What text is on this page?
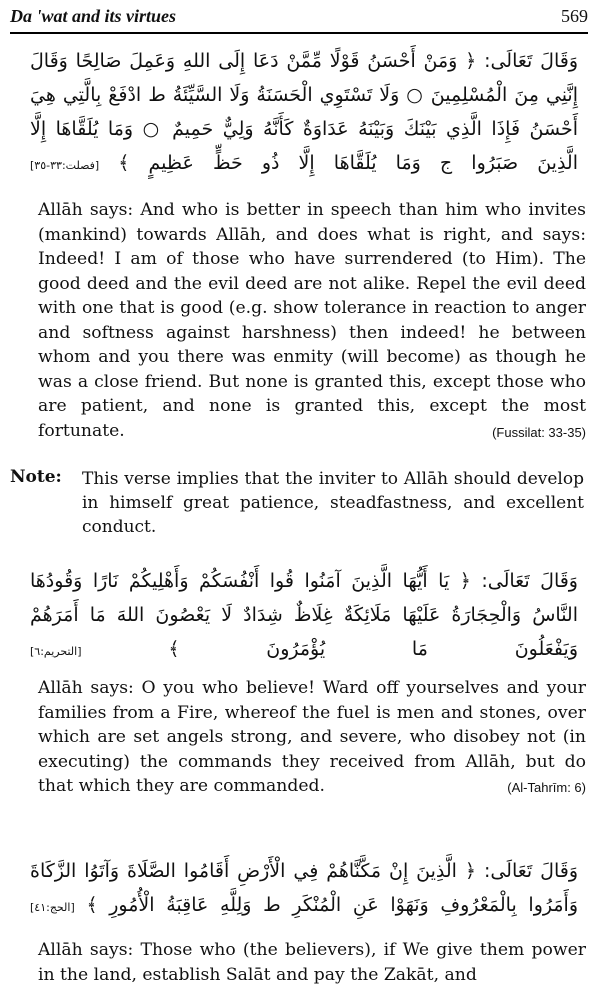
Da 'wat and its virtues	569
وَقَالَ تَعَالَى: ﴿ وَمَنْ أَحْسَنُ قَوْلًا مِّمَّنْ دَعَا إِلَى اللهِ وَعَمِلَ صَالِحًا وَقَالَ إِنَّنِي مِنَ الْمُسْلِمِينَ ○ وَلَا تَسْتَوِي الْحَسَنَةُ وَلَا السَّيِّئَةُ ط ادْفَعْ بِالَّتِي هِيَ أَحْسَنُ فَإِذَا الَّذِي بَيْنَكَ وَبَيْنَهُ عَدَاوَةٌ كَأَنَّهُ وَلِيٌّ حَمِيمٌ ○ وَمَا يُلَقَّاهَا إِلَّا الَّذِينَ صَبَرُوا ج وَمَا يُلَقَّاهَا إِلَّا ذُو حَظٍّ عَظِيمٍ ﴾ [فصلت:٣٣-٣٥]
Allāh says: And who is better in speech than him who invites (mankind) towards Allāh, and does what is right, and says: Indeed! I am of those who have surrendered (to Him). The good deed and the evil deed are not alike. Repel the evil deed with one that is good (e.g. show tolerance in reaction to anger and softness against harshness) then indeed! he between whom and you there was enmity (will become) as though he was a close friend. But none is granted this, except those who are patient, and none is granted this, except the most fortunate.	(Fussilat: 33-35)
Note: This verse implies that the inviter to Allāh should develop in himself great patience, steadfastness, and excellent conduct.
وَقَالَ تَعَالَى: ﴿ يَا أَيُّهَا الَّذِينَ آمَنُوا قُوا أَنْفُسَكُمْ وَأَهْلِيكُمْ نَارًا وَقُودُهَا النَّاسُ وَالْحِجَارَةُ عَلَيْهَا مَلَائِكَةٌ غِلَاظٌ شِدَادٌ لَا يَعْصُونَ اللهَ مَا أَمَرَهُمْ وَيَفْعَلُونَ مَا يُؤْمَرُونَ ﴾ [التحريم:٦]
Allāh says: O you who believe! Ward off yourselves and your families from a Fire, whereof the fuel is men and stones, over which are set angels strong, and severe, who disobey not (in executing) the commands they received from Allāh, but do that which they are commanded.	(Al-Tahrīm: 6)
وَقَالَ تَعَالَى: ﴿ الَّذِينَ إِنْ مَكَّنَّاهُمْ فِي الْأَرْضِ أَقَامُوا الصَّلَاةَ وَآتَوُا الزَّكَاةَ وَأَمَرُوا بِالْمَعْرُوفِ وَنَهَوْا عَنِ الْمُنْكَرِ ط وَلِلَّهِ عَاقِبَةُ الْأُمُورِ ﴾ [الحج:٤١]
Allāh says: Those who (the believers), if We give them power in the land, establish Salāt and pay the Zakāt, and
